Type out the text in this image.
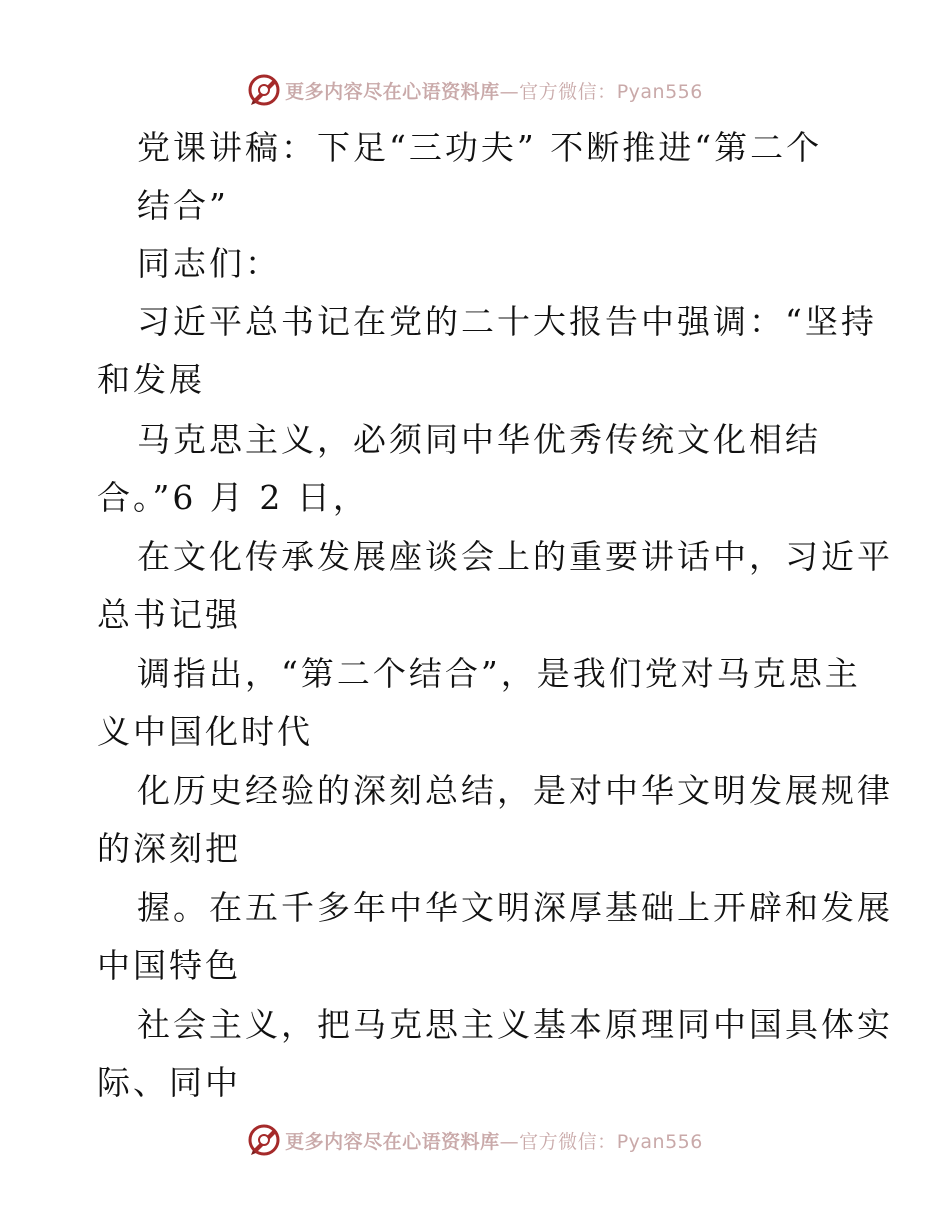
更多内容尽在心语资料库—官方微信：Pyan556
党课讲稿：下足“三功夫” 不断推进“第二个
结合”
同志们：
习近平总书记在党的二十大报告中强调：“坚持
和发展
马克思主义，必须同中华优秀传统文化相结
合。”6 月 2 日，
在文化传承发展座谈会上的重要讲话中，习近平
总书记强
调指出，“第二个结合”，是我们党对马克思主
义中国化时代
化历史经验的深刻总结，是对中华文明发展规律
的深刻把
握。在五千多年中华文明深厚基础上开辟和发展
中国特色
社会主义，把马克思主义基本原理同中国具体实
际、同中
更多内容尽在心语资料库—官方微信：Pyan556
